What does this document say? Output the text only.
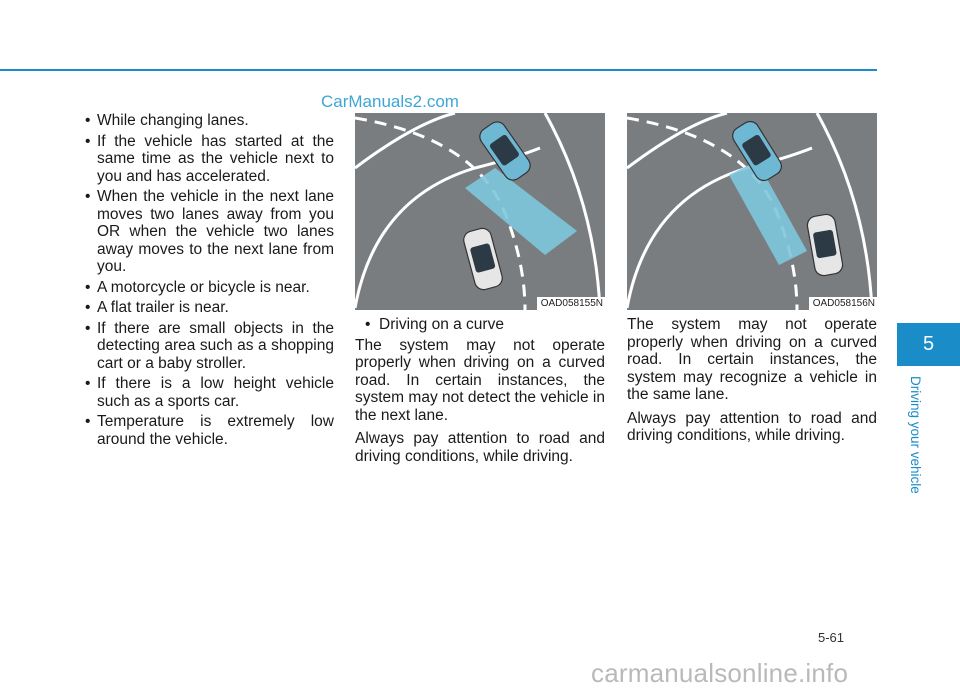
CarManuals2.com
• While changing lanes.
• If the vehicle has started at the same time as the vehicle next to you and has accelerated.
• When the vehicle in the next lane moves two lanes away from you OR when the vehicle two lanes away moves to the next lane from you.
• A motorcycle or bicycle is near.
• A flat trailer is near.
• If there are small objects in the detecting area such as a shopping cart or a baby stroller.
• If there is a low height vehicle such as a sports car.
• Temperature is extremely low around the vehicle.
OAD058155N	OAD058156N

•  Driving on a curve

The system may not operate properly when driving on a curved road. In certain instances, the system may not detect the vehicle in the next lane.

Always pay attention to road and driving conditions, while driving.

The system may not operate properly when driving on a curved road. In certain instances, the system may recognize a vehicle in the same lane.

Always pay attention to road and driving conditions, while driving.

5
Driving your vehicle
5-61
carmanualsonline.info
